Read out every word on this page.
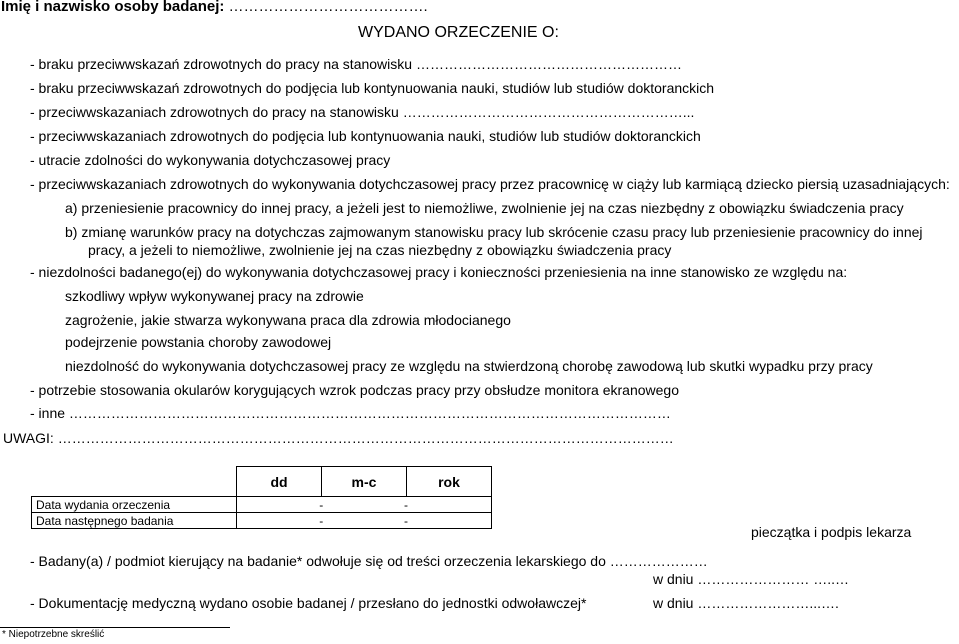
Imię i nazwisko osoby badanej: ………………………………….
WYDANO ORZECZENIE O:
- braku przeciwwskazań zdrowotnych do pracy na stanowisku …………………………………………………
- braku przeciwwskazań zdrowotnych do podjęcia lub kontynuowania nauki, studiów lub studiów doktoranckich
- przeciwwskazaniach zdrowotnych do pracy na stanowisku ……………………………………………………...
- przeciwwskazaniach zdrowotnych do podjęcia lub kontynuowania nauki, studiów lub studiów doktoranckich
- utracie zdolności do wykonywania dotychczasowej pracy
- przeciwwskazaniach zdrowotnych do wykonywania dotychczasowej pracy przez pracownicę w ciąży lub karmiącą dziecko piersią uzasadniających:
a) przeniesienie pracownicy do innej pracy, a jeżeli jest to niemożliwe, zwolnienie jej na czas niezbędny z obowiązku świadczenia pracy
b) zmianę warunków pracy na dotychczas zajmowanym stanowisku pracy lub skrócenie czasu pracy lub przeniesienie pracownicy do innej
pracy, a jeżeli to niemożliwe, zwolnienie jej na czas niezbędny z obowiązku świadczenia pracy
- niezdolności badanego(ej) do wykonywania dotychczasowej pracy i konieczności przeniesienia na inne stanowisko ze względu na:
szkodliwy wpływ wykonywanej pracy na zdrowie
zagrożenie, jakie stwarza wykonywana praca dla zdrowia młodocianego
podejrzenie powstania choroby zawodowej
niezdolność do wykonywania dotychczasowej pracy ze względu na stwierdzoną chorobę zawodową lub skutki wypadku przy pracy
- potrzebie stosowania okularów korygujących wzrok podczas pracy przy obsłudze monitora ekranowego
- inne …………………………………………………………………………………………………………………
UWAGI: ……………………………………………………………………………………………………………………
	dd	m-c	rok
Data wydania orzeczenia	-	-	
Data następnego badania	-	-	
pieczątka i podpis lekarza
- Badany(a) / podmiot kierujący na badanie* odwołuje się od treści orzeczenia lekarskiego do …………………
w dniu …………………… …..…
- Dokumentację medyczną wydano osobie badanej / przesłano do jednostki odwoławczej*	w dniu ……………………...….
* Niepotrzebne skreślić
